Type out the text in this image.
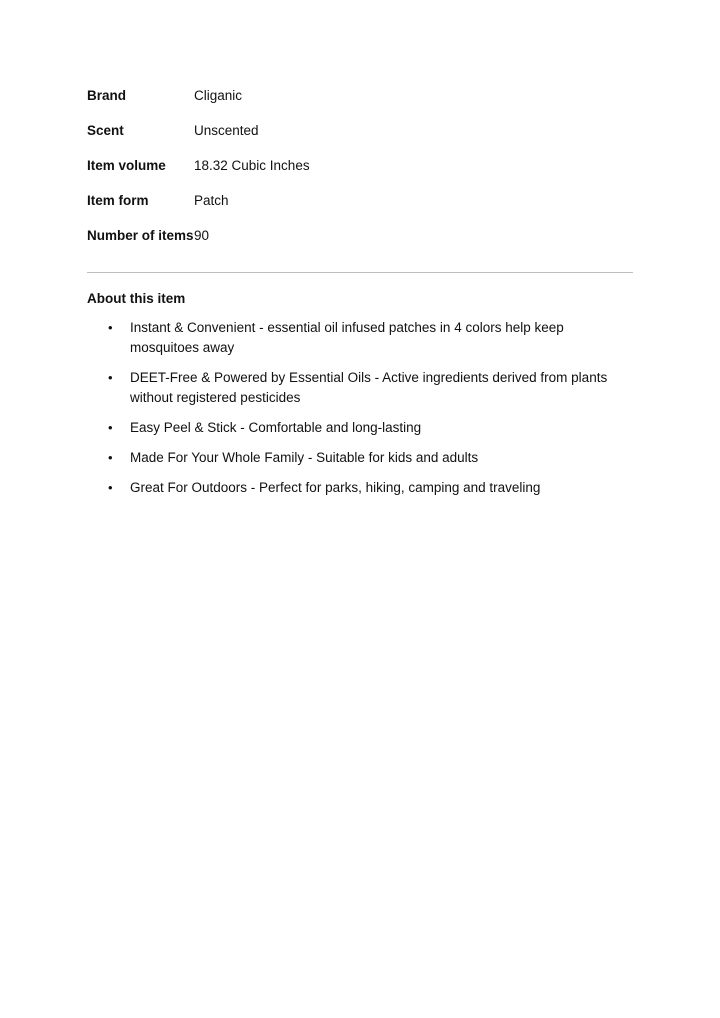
Brand	Cliganic
Scent	Unscented
Item volume	18.32 Cubic Inches
Item form	Patch
Number of items 90
About this item
• Instant & Convenient - essential oil infused patches in 4 colors help keep mosquitoes away
• DEET-Free & Powered by Essential Oils - Active ingredients derived from plants without registered pesticides
• Easy Peel & Stick - Comfortable and long-lasting
• Made For Your Whole Family - Suitable for kids and adults
• Great For Outdoors - Perfect for parks, hiking, camping and traveling
